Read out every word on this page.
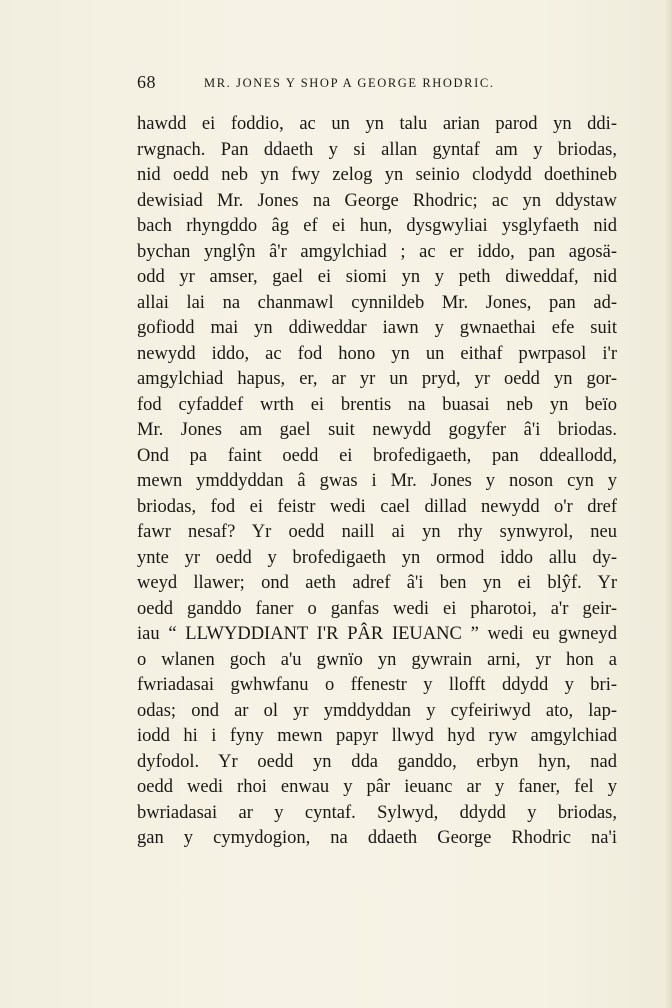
68	MR. JONES Y SHOP A GEORGE RHODRIC.
hawdd ei foddio, ac un yn talu arian parod yn ddi-
rwgnach. Pan ddaeth y si allan gyntaf am y briodas,
nid oedd neb yn fwy zelog yn seinio clodydd doethineb
dewisiad Mr. Jones na George Rhodric; ac yn ddystaw
bach rhyngddo âg ef ei hun, dysgwyliai ysglyfaeth nid
bychan ynglŷn â'r amgylchiad ; ac er iddo, pan agosä-
odd yr amser, gael ei siomi yn y peth diweddaf, nid
allai lai na chanmawl cynnildeb Mr. Jones, pan ad-
gofiodd mai yn ddiweddar iawn y gwnaethai efe suit
newydd iddo, ac fod hono yn un eithaf pwrpasol i'r
amgylchiad hapus, er, ar yr un pryd, yr oedd yn gor-
fod cyfaddef wrth ei brentis na buasai neb yn beïo
Mr. Jones am gael suit newydd gogyfer â'i briodas.
Ond pa faint oedd ei brofedigaeth, pan ddeallodd,
mewn ymddyddan â gwas i Mr. Jones y noson cyn y
briodas, fod ei feistr wedi cael dillad newydd o'r dref
fawr nesaf? Yr oedd naill ai yn rhy synwyrol, neu
ynte yr oedd y brofedigaeth yn ormod iddo allu dy-
weyd llawer; ond aeth adref â'i ben yn ei blŷf. Yr
oedd ganddo faner o ganfas wedi ei pharotoi, a'r geir-
iau “ LLWYDDIANT I'R PÂR IEUANC ” wedi eu gwneyd
o wlanen goch a'u gwnïo yn gywrain arni, yr hon a
fwriadasai gwhwfanu o ffenestr y llofft ddydd y bri-
odas; ond ar ol yr ymddyddan y cyfeiriwyd ato, lap-
iodd hi i fyny mewn papyr llwyd hyd ryw amgylchiad
dyfodol. Yr oedd yn dda ganddo, erbyn hyn, nad
oedd wedi rhoi enwau y pâr ieuanc ar y faner, fel y
bwriadasai ar y cyntaf. Sylwyd, ddydd y briodas,
gan y cymydogion, na ddaeth George Rhodric na'i
